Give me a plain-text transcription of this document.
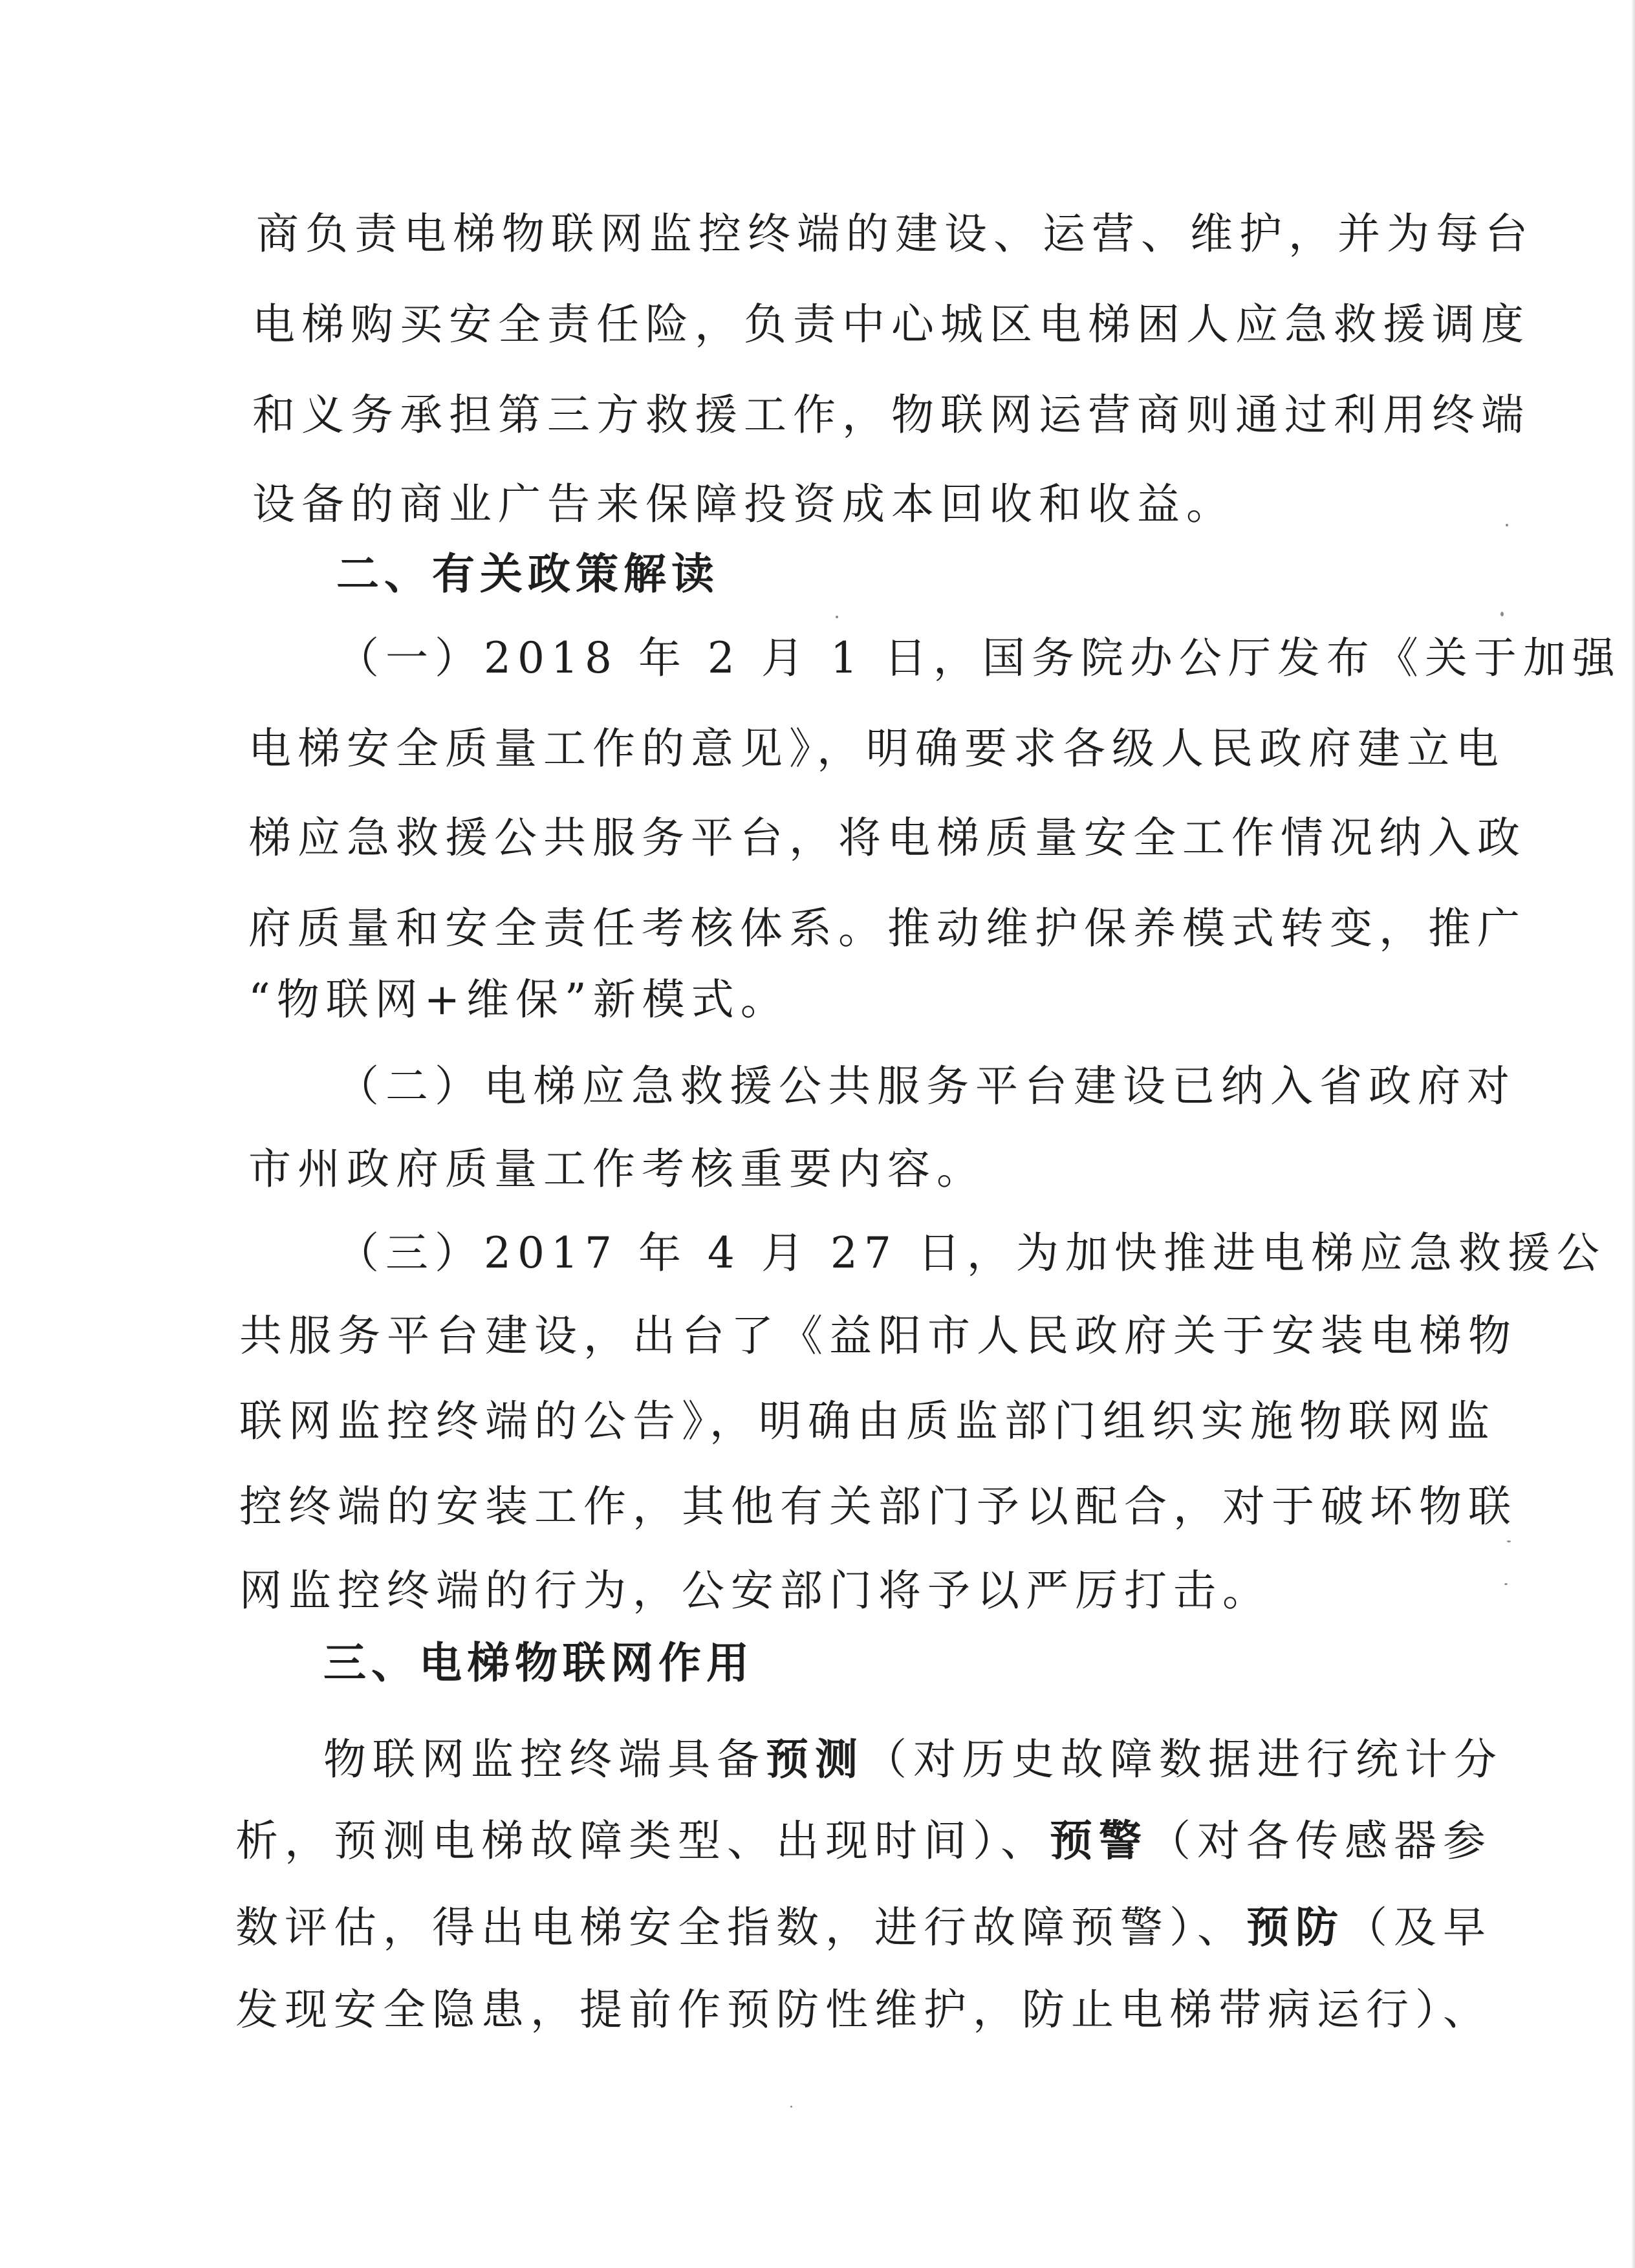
商负责电梯物联网监控终端的建设、运营、维护，并为每台
电梯购买安全责任险，负责中心城区电梯困人应急救援调度
和义务承担第三方救援工作，物联网运营商则通过利用终端
设备的商业广告来保障投资成本回收和收益。
二、有关政策解读
（一）2018 年 2 月 1 日，国务院办公厅发布《关于加强
电梯安全质量工作的意见》，明确要求各级人民政府建立电
梯应急救援公共服务平台，将电梯质量安全工作情况纳入政
府质量和安全责任考核体系。推动维护保养模式转变，推广
“物联网+维保”新模式。
（二）电梯应急救援公共服务平台建设已纳入省政府对
市州政府质量工作考核重要内容。
（三）2017 年 4 月 27 日，为加快推进电梯应急救援公
共服务平台建设，出台了《益阳市人民政府关于安装电梯物
联网监控终端的公告》，明确由质监部门组织实施物联网监
控终端的安装工作，其他有关部门予以配合，对于破坏物联
网监控终端的行为，公安部门将予以严厉打击。
三、电梯物联网作用
物联网监控终端具备预测（对历史故障数据进行统计分
析，预测电梯故障类型、出现时间）、预警（对各传感器参
数评估，得出电梯安全指数，进行故障预警）、预防（及早
发现安全隐患，提前作预防性维护，防止电梯带病运行）、
